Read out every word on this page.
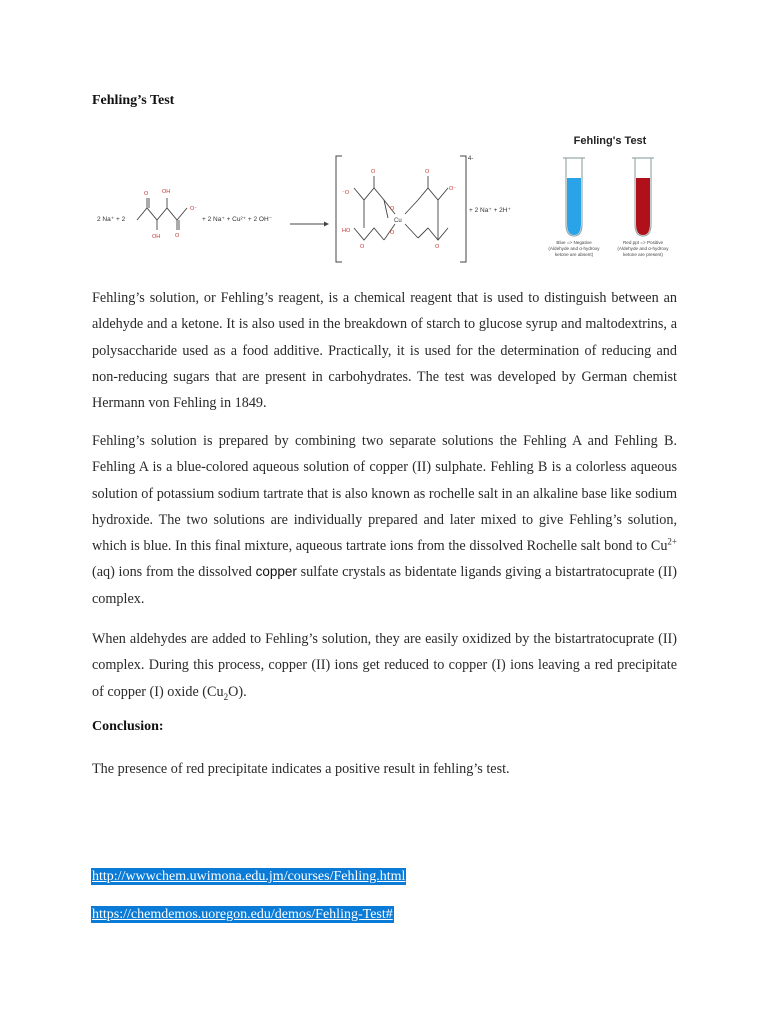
Fehling’s Test
2 Na⁺ + 2
OH
O
O
O⁻
OH
+ 2 Na⁺ + Cu²⁺ + 2 OH⁻
4-
⁻O
O
Cu
O
O
O⁻
HO
O
O	O
+ 2 Na⁺ + 2H⁺
Fehling's Test
Blue => Negative
(Aldehyde and α-hydroxy
ketone are absent)
Red ppt => Positive
(Aldehyde and α-hydroxy
ketone are present)
Fehling’s solution, or Fehling’s reagent, is a chemical reagent that is used to distinguish between an aldehyde and a ketone. It is also used in the breakdown of starch to glucose syrup and maltodextrins, a polysaccharide used as a food additive. Practically, it is used for the determination of reducing and non-reducing sugars that are present in carbohydrates. The test was developed by German chemist Hermann von Fehling in 1849.
Fehling’s solution is prepared by combining two separate solutions the Fehling A and Fehling B. Fehling A is a blue-colored aqueous solution of copper (II) sulphate. Fehling B is a colorless aqueous solution of potassium sodium tartrate that is also known as rochelle salt in an alkaline base like sodium hydroxide. The two solutions are individually prepared and later mixed to give Fehling’s solution, which is blue. In this final mixture, aqueous tartrate ions from the dissolved Rochelle salt bond to $Cu^{2+}$ (aq) ions from the dissolved copper sulfate crystals as bidentate ligands giving a bistartratocuprate (II) complex.
When aldehydes are added to Fehling’s solution, they are easily oxidized by the bistartratocuprate (II) complex. During this process, copper (II) ions get reduced to copper (I) ions leaving a red precipitate of copper (I) oxide $(Cu_2O)$.
Conclusion:
The presence of red precipitate indicates a positive result in fehling’s test.
http://wwwchem.uwimona.edu.jm/courses/Fehling.html
https://chemdemos.uoregon.edu/demos/Fehling-Test#
